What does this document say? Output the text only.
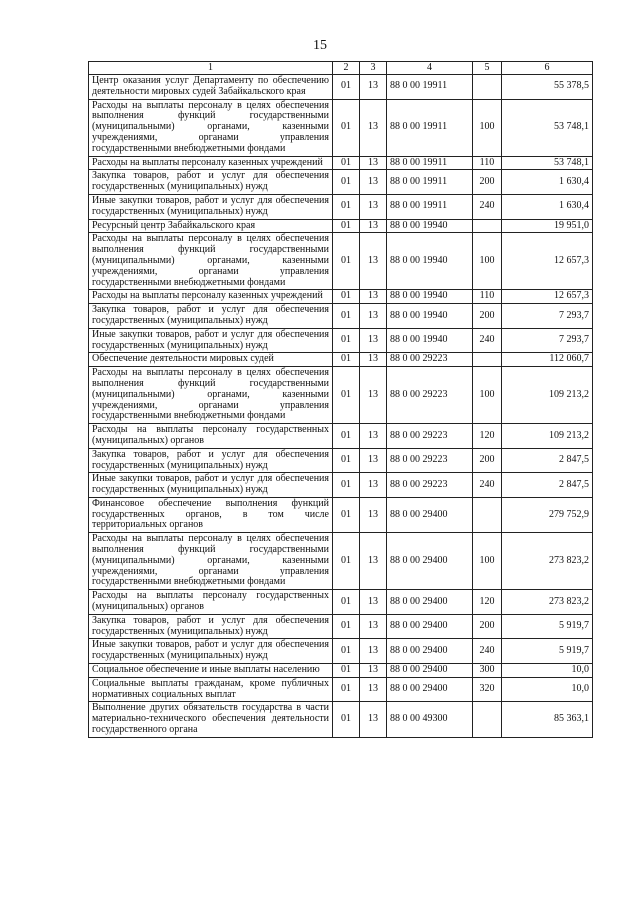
15
1	2	3	4	5	6
Центр оказания услуг Департаменту по обеспечению деятельности мировых судей Забайкальского края	01	13	88 0 00 19911		55 378,5
Расходы на выплаты персоналу в целях обеспечения выполнения функций государственными (муниципальными) органами, казенными учреждениями, органами управления государственными внебюджетными фондами	01	13	88 0 00 19911	100	53 748,1
Расходы на выплаты персоналу казенных учреждений	01	13	88 0 00 19911	110	53 748,1
Закупка товаров, работ и услуг для обеспечения государственных (муниципальных) нужд	01	13	88 0 00 19911	200	1 630,4
Иные закупки товаров, работ и услуг для обеспечения государственных (муниципальных) нужд	01	13	88 0 00 19911	240	1 630,4
Ресурсный центр Забайкальского края	01	13	88 0 00 19940		19 951,0
Расходы на выплаты персоналу в целях обеспечения выполнения функций государственными (муниципальными) органами, казенными учреждениями, органами управления государственными внебюджетными фондами	01	13	88 0 00 19940	100	12 657,3
Расходы на выплаты персоналу казенных учреждений	01	13	88 0 00 19940	110	12 657,3
Закупка товаров, работ и услуг для обеспечения государственных (муниципальных) нужд	01	13	88 0 00 19940	200	7 293,7
Иные закупки товаров, работ и услуг для обеспечения государственных (муниципальных) нужд	01	13	88 0 00 19940	240	7 293,7
Обеспечение деятельности мировых судей	01	13	88 0 00 29223		112 060,7
Расходы на выплаты персоналу в целях обеспечения выполнения функций государственными (муниципальными) органами, казенными учреждениями, органами управления государственными внебюджетными фондами	01	13	88 0 00 29223	100	109 213,2
Расходы на выплаты персоналу государственных (муниципальных) органов	01	13	88 0 00 29223	120	109 213,2
Закупка товаров, работ и услуг для обеспечения государственных (муниципальных) нужд	01	13	88 0 00 29223	200	2 847,5
Иные закупки товаров, работ и услуг для обеспечения государственных (муниципальных) нужд	01	13	88 0 00 29223	240	2 847,5
Финансовое обеспечение выполнения функций государственных органов, в том числе территориальных органов	01	13	88 0 00 29400		279 752,9
Расходы на выплаты персоналу в целях обеспечения выполнения функций государственными (муниципальными) органами, казенными учреждениями, органами управления государственными внебюджетными фондами	01	13	88 0 00 29400	100	273 823,2
Расходы на выплаты персоналу государственных (муниципальных) органов	01	13	88 0 00 29400	120	273 823,2
Закупка товаров, работ и услуг для обеспечения государственных (муниципальных) нужд	01	13	88 0 00 29400	200	5 919,7
Иные закупки товаров, работ и услуг для обеспечения государственных (муниципальных) нужд	01	13	88 0 00 29400	240	5 919,7
Социальное обеспечение и иные выплаты населению	01	13	88 0 00 29400	300	10,0
Социальные выплаты гражданам, кроме публичных нормативных социальных выплат	01	13	88 0 00 29400	320	10,0
Выполнение других обязательств государства в части материально-технического обеспечения деятельности государственного органа	01	13	88 0 00 49300		85 363,1
